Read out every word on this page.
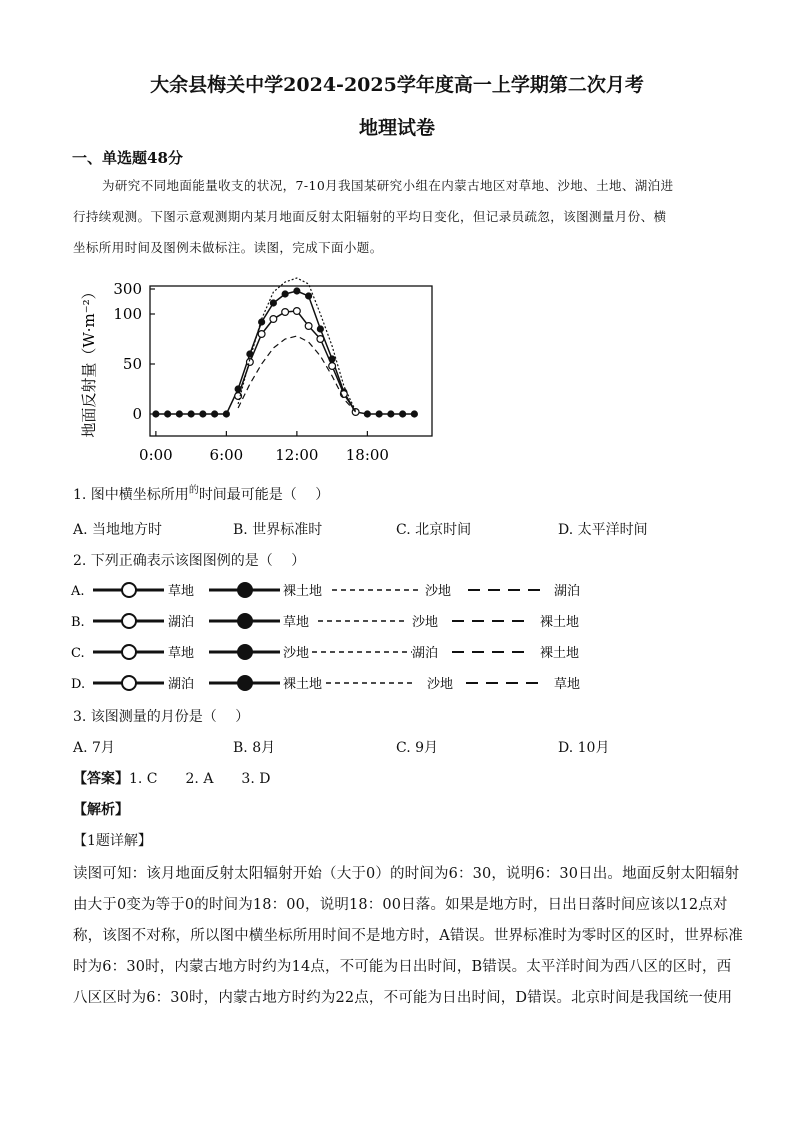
大余县梅关中学2024-2025学年度高一上学期第二次月考
地理试卷
一、单选题48分
为研究不同地面能量收支的状况，7-10月我国某研究小组在内蒙古地区对草地、沙地、土地、湖泊进
行持续观测。下图示意观测期内某月地面反射太阳辐射的平均日变化，但记录员疏忽，该图测量月份、横
坐标所用时间及图例未做标注。读图，完成下面小题。
0
50
100
300
0:00 6:00 12:00 18:00
地面反射量（W·m⁻²）
1. 图中横坐标所用$^的$时间最可能是（　 ）
A. 当地地方时	B. 世界标准时	C. 北京时间	D. 太平洋时间
2. 下列正确表示该图图例的是（　 ）
A.	草地	裸土地	沙地	湖泊
B.	湖泊	草地	沙地	裸土地
C.	草地	沙地	湖泊	裸土地
D.	湖泊	裸土地	沙地	草地
3. 该图测量的月份是（　 ）
A. 7月	B. 8月	C. 9月	D. 10月
【答案】1. C　　2. A　　3. D
【解析】
【1题详解】
读图可知：该月地面反射太阳辐射开始（大于0）的时间为6：30，说明6：30日出。地面反射太阳辐射
由大于0变为等于0的时间为18：00，说明18：00日落。如果是地方时，日出日落时间应该以12点对
称，该图不对称，所以图中横坐标所用时间不是地方时，A错误。世界标准时为零时区的区时，世界标准
时为6：30时，内蒙古地方时约为14点，不可能为日出时间，B错误。太平洋时间为西八区的区时，西
八区区时为6：30时，内蒙古地方时约为22点，不可能为日出时间，D错误。北京时间是我国统一使用
